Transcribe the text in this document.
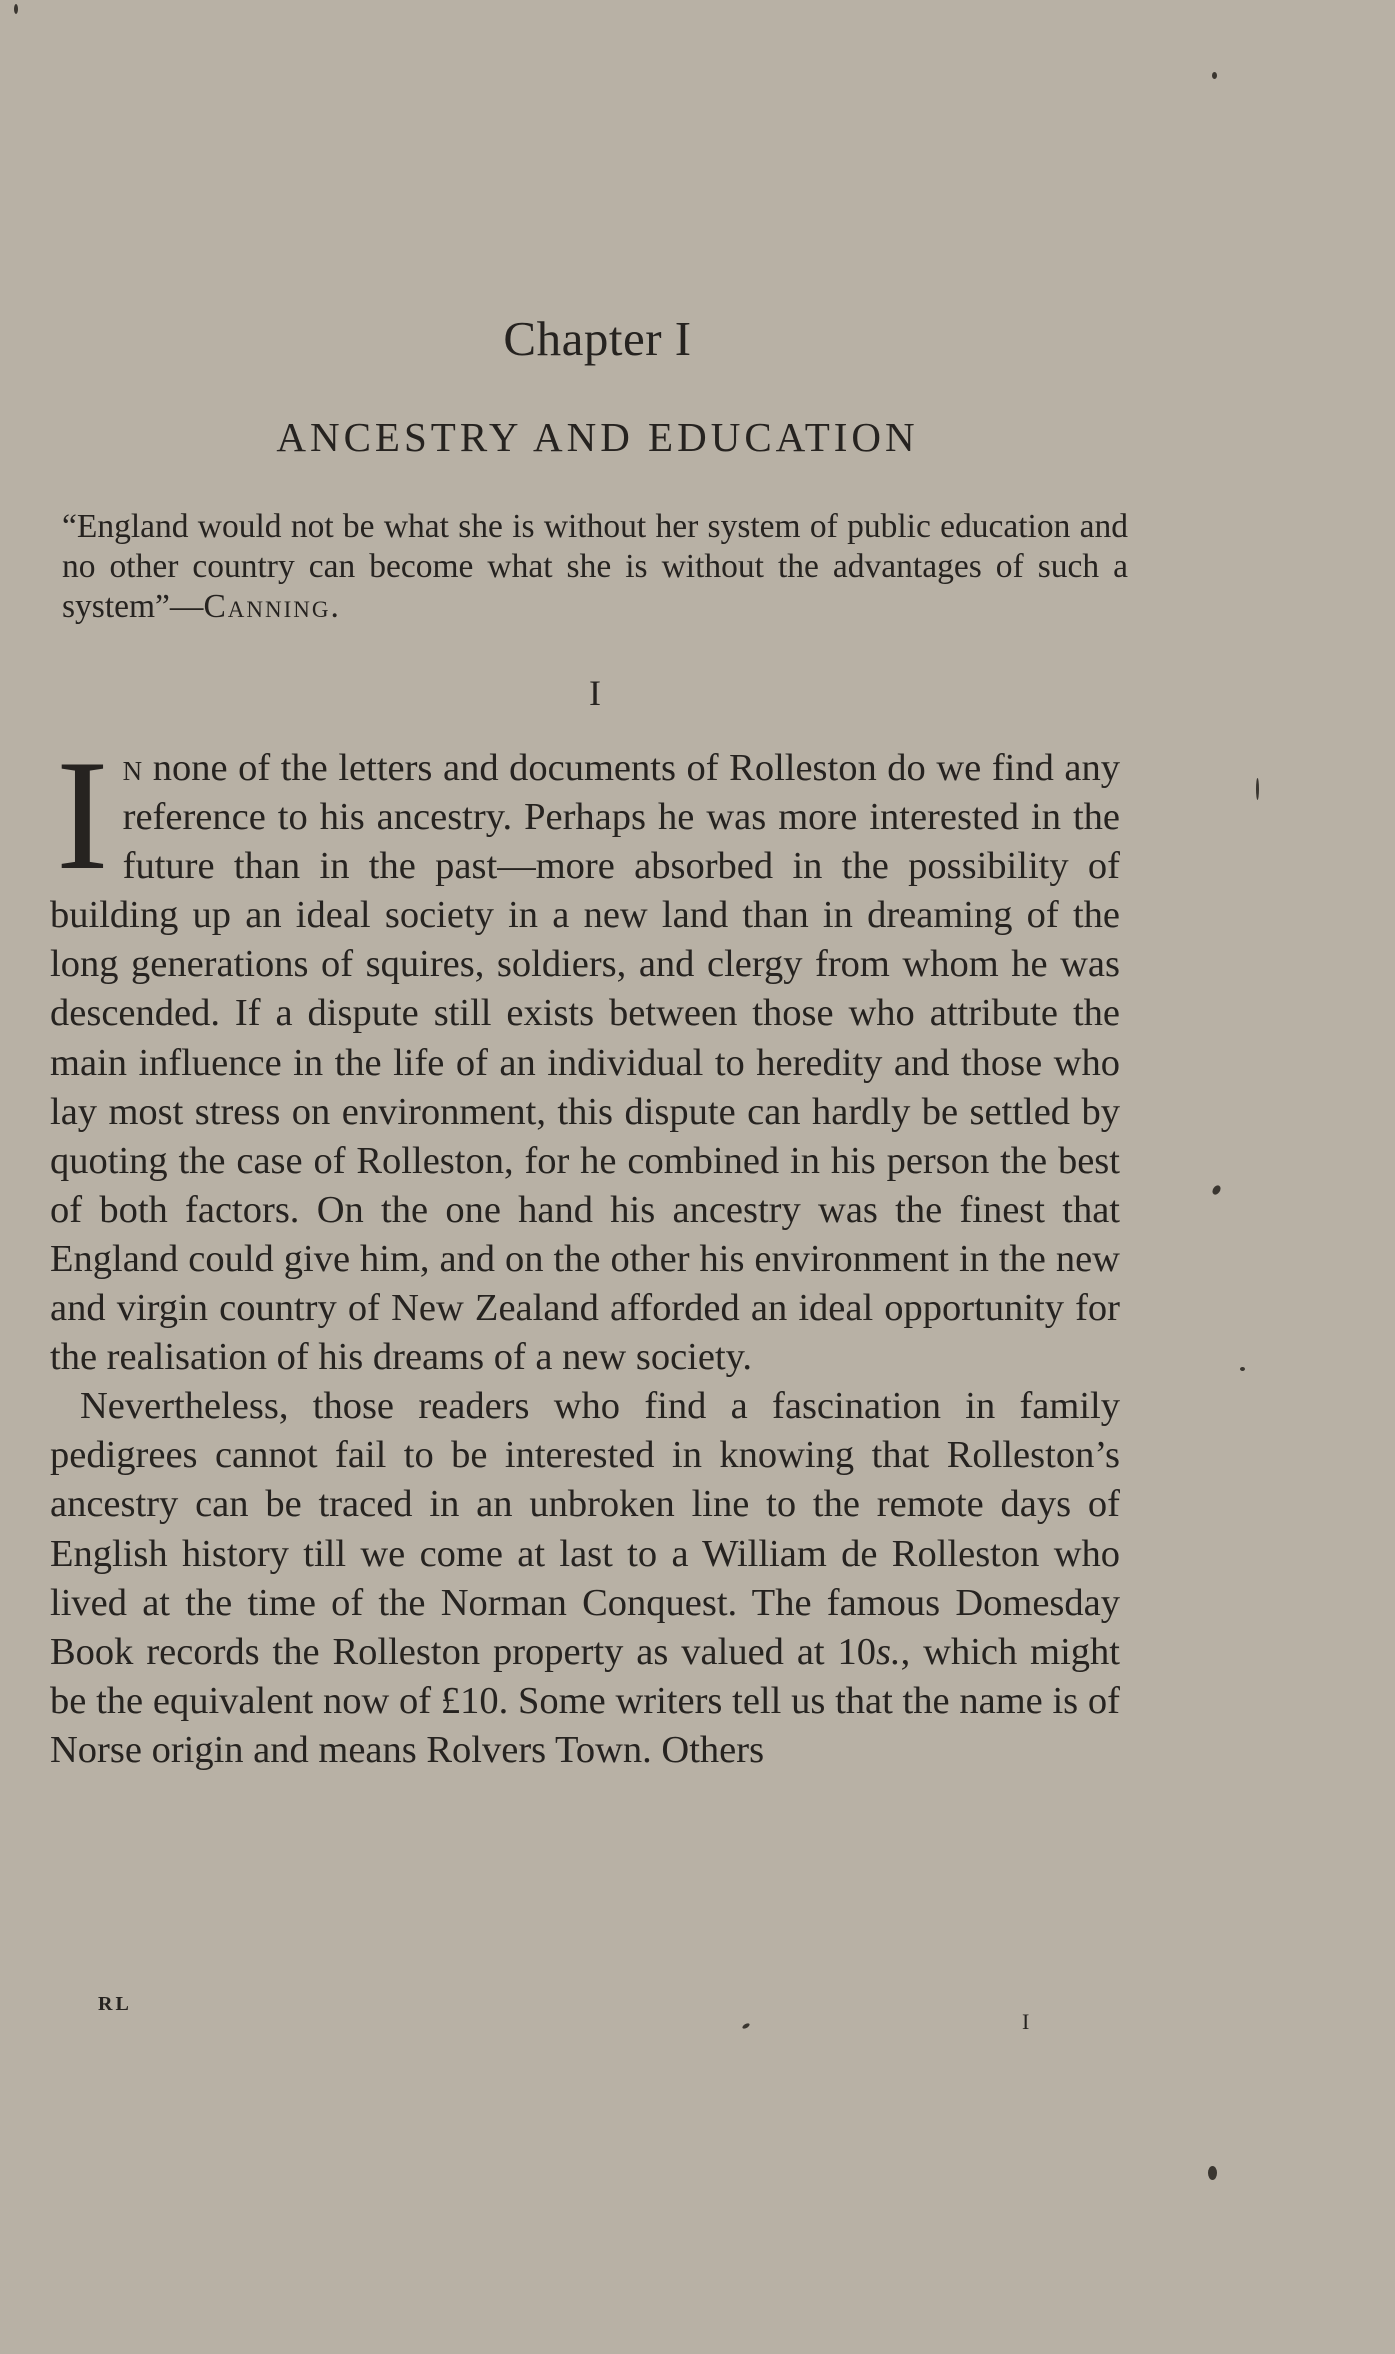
Chapter I
ANCESTRY AND EDUCATION
“England would not be what she is without her system of public education and no other country can become what she is without the advantages of such a system”—Canning.
I

In none of the letters and documents of Rolleston do we find any reference to his ancestry. Perhaps he was more interested in the future than in the past—more absorbed in the possibility of building up an ideal society in a new land than in dreaming of the long generations of squires, soldiers, and clergy from whom he was descended. If a dispute still exists between those who attribute the main influence in the life of an individual to heredity and those who lay most stress on environment, this dispute can hardly be settled by quoting the case of Rolleston, for he combined in his person the best of both factors. On the one hand his ancestry was the finest that England could give him, and on the other his environment in the new and virgin country of New Zealand afforded an ideal opportunity for the realisation of his dreams of a new society.

Nevertheless, those readers who find a fascination in family pedigrees cannot fail to be interested in knowing that Rolleston’s ancestry can be traced in an unbroken line to the remote days of English history till we come at last to a William de Rolleston who lived at the time of the Norman Conquest. The famous Domesday Book records the Rolleston property as valued at 10s., which might be the equivalent now of £10. Some writers tell us that the name is of Norse origin and means Rolvers Town. Others

RL
I
